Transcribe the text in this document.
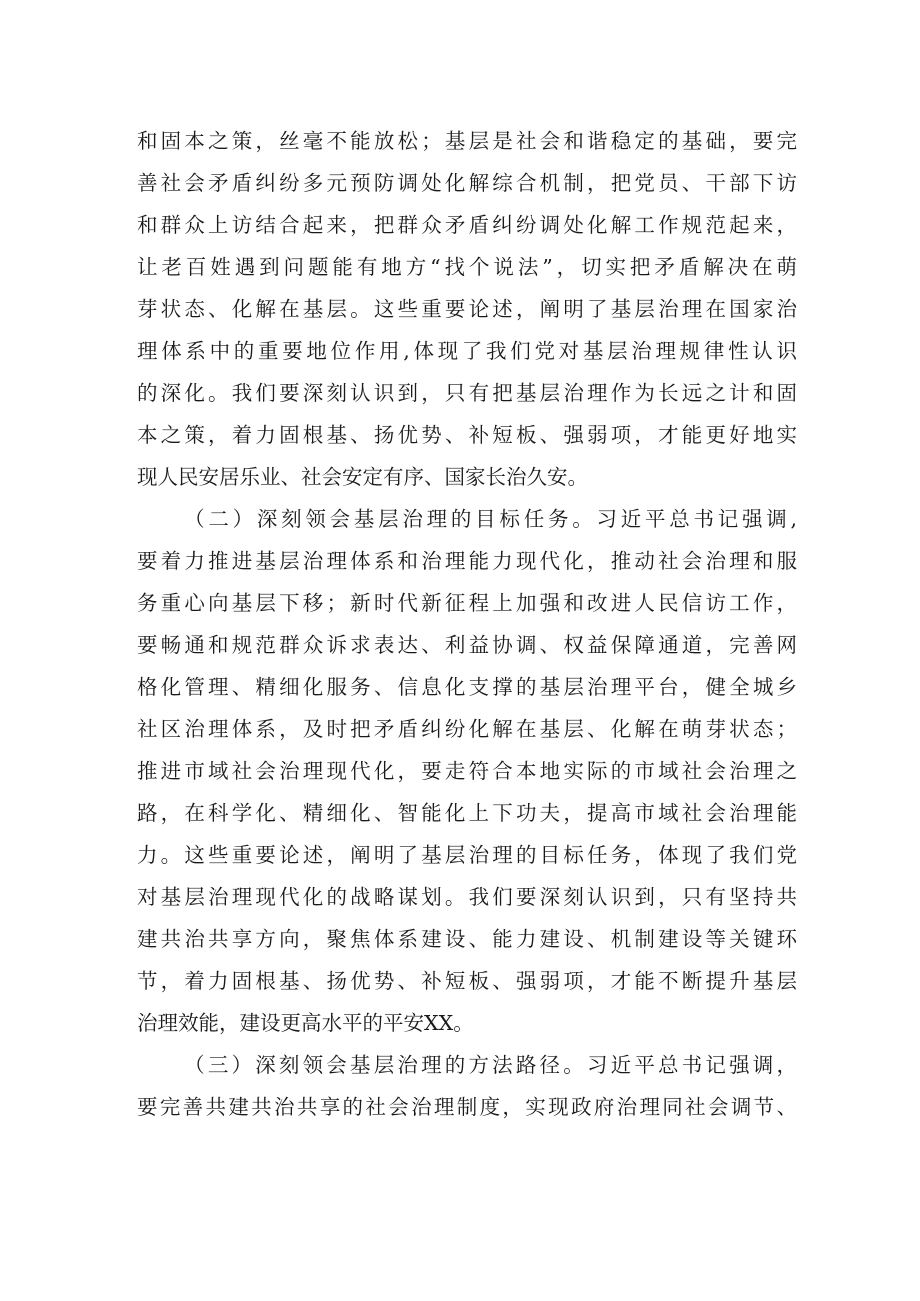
和固本之策，丝毫不能放松；基层是社会和谐稳定的基础，要完
善社会矛盾纠纷多元预防调处化解综合机制，把党员、干部下访
和群众上访结合起来，把群众矛盾纠纷调处化解工作规范起来，
让老百姓遇到问题能有地方“找个说法”，切实把矛盾解决在萌
芽状态、化解在基层。这些重要论述，阐明了基层治理在国家治
理体系中的重要地位作用,体现了我们党对基层治理规律性认识
的深化。我们要深刻认识到，只有把基层治理作为长远之计和固
本之策，着力固根基、扬优势、补短板、强弱项，才能更好地实
现人民安居乐业、社会安定有序、国家长治久安。
（二）深刻领会基层治理的目标任务。习近平总书记强调,
要着力推进基层治理体系和治理能力现代化，推动社会治理和服
务重心向基层下移；新时代新征程上加强和改进人民信访工作，
要畅通和规范群众诉求表达、利益协调、权益保障通道，完善网
格化管理、精细化服务、信息化支撑的基层治理平台，健全城乡
社区治理体系，及时把矛盾纠纷化解在基层、化解在萌芽状态；
推进市域社会治理现代化，要走符合本地实际的市域社会治理之
路，在科学化、精细化、智能化上下功夫，提高市域社会治理能
力。这些重要论述，阐明了基层治理的目标任务，体现了我们党
对基层治理现代化的战略谋划。我们要深刻认识到，只有坚持共
建共治共享方向，聚焦体系建设、能力建设、机制建设等关键环
节，着力固根基、扬优势、补短板、强弱项，才能不断提升基层
治理效能，建设更高水平的平安XX。
（三）深刻领会基层治理的方法路径。习近平总书记强调，
要完善共建共治共享的社会治理制度，实现政府治理同社会调节、
